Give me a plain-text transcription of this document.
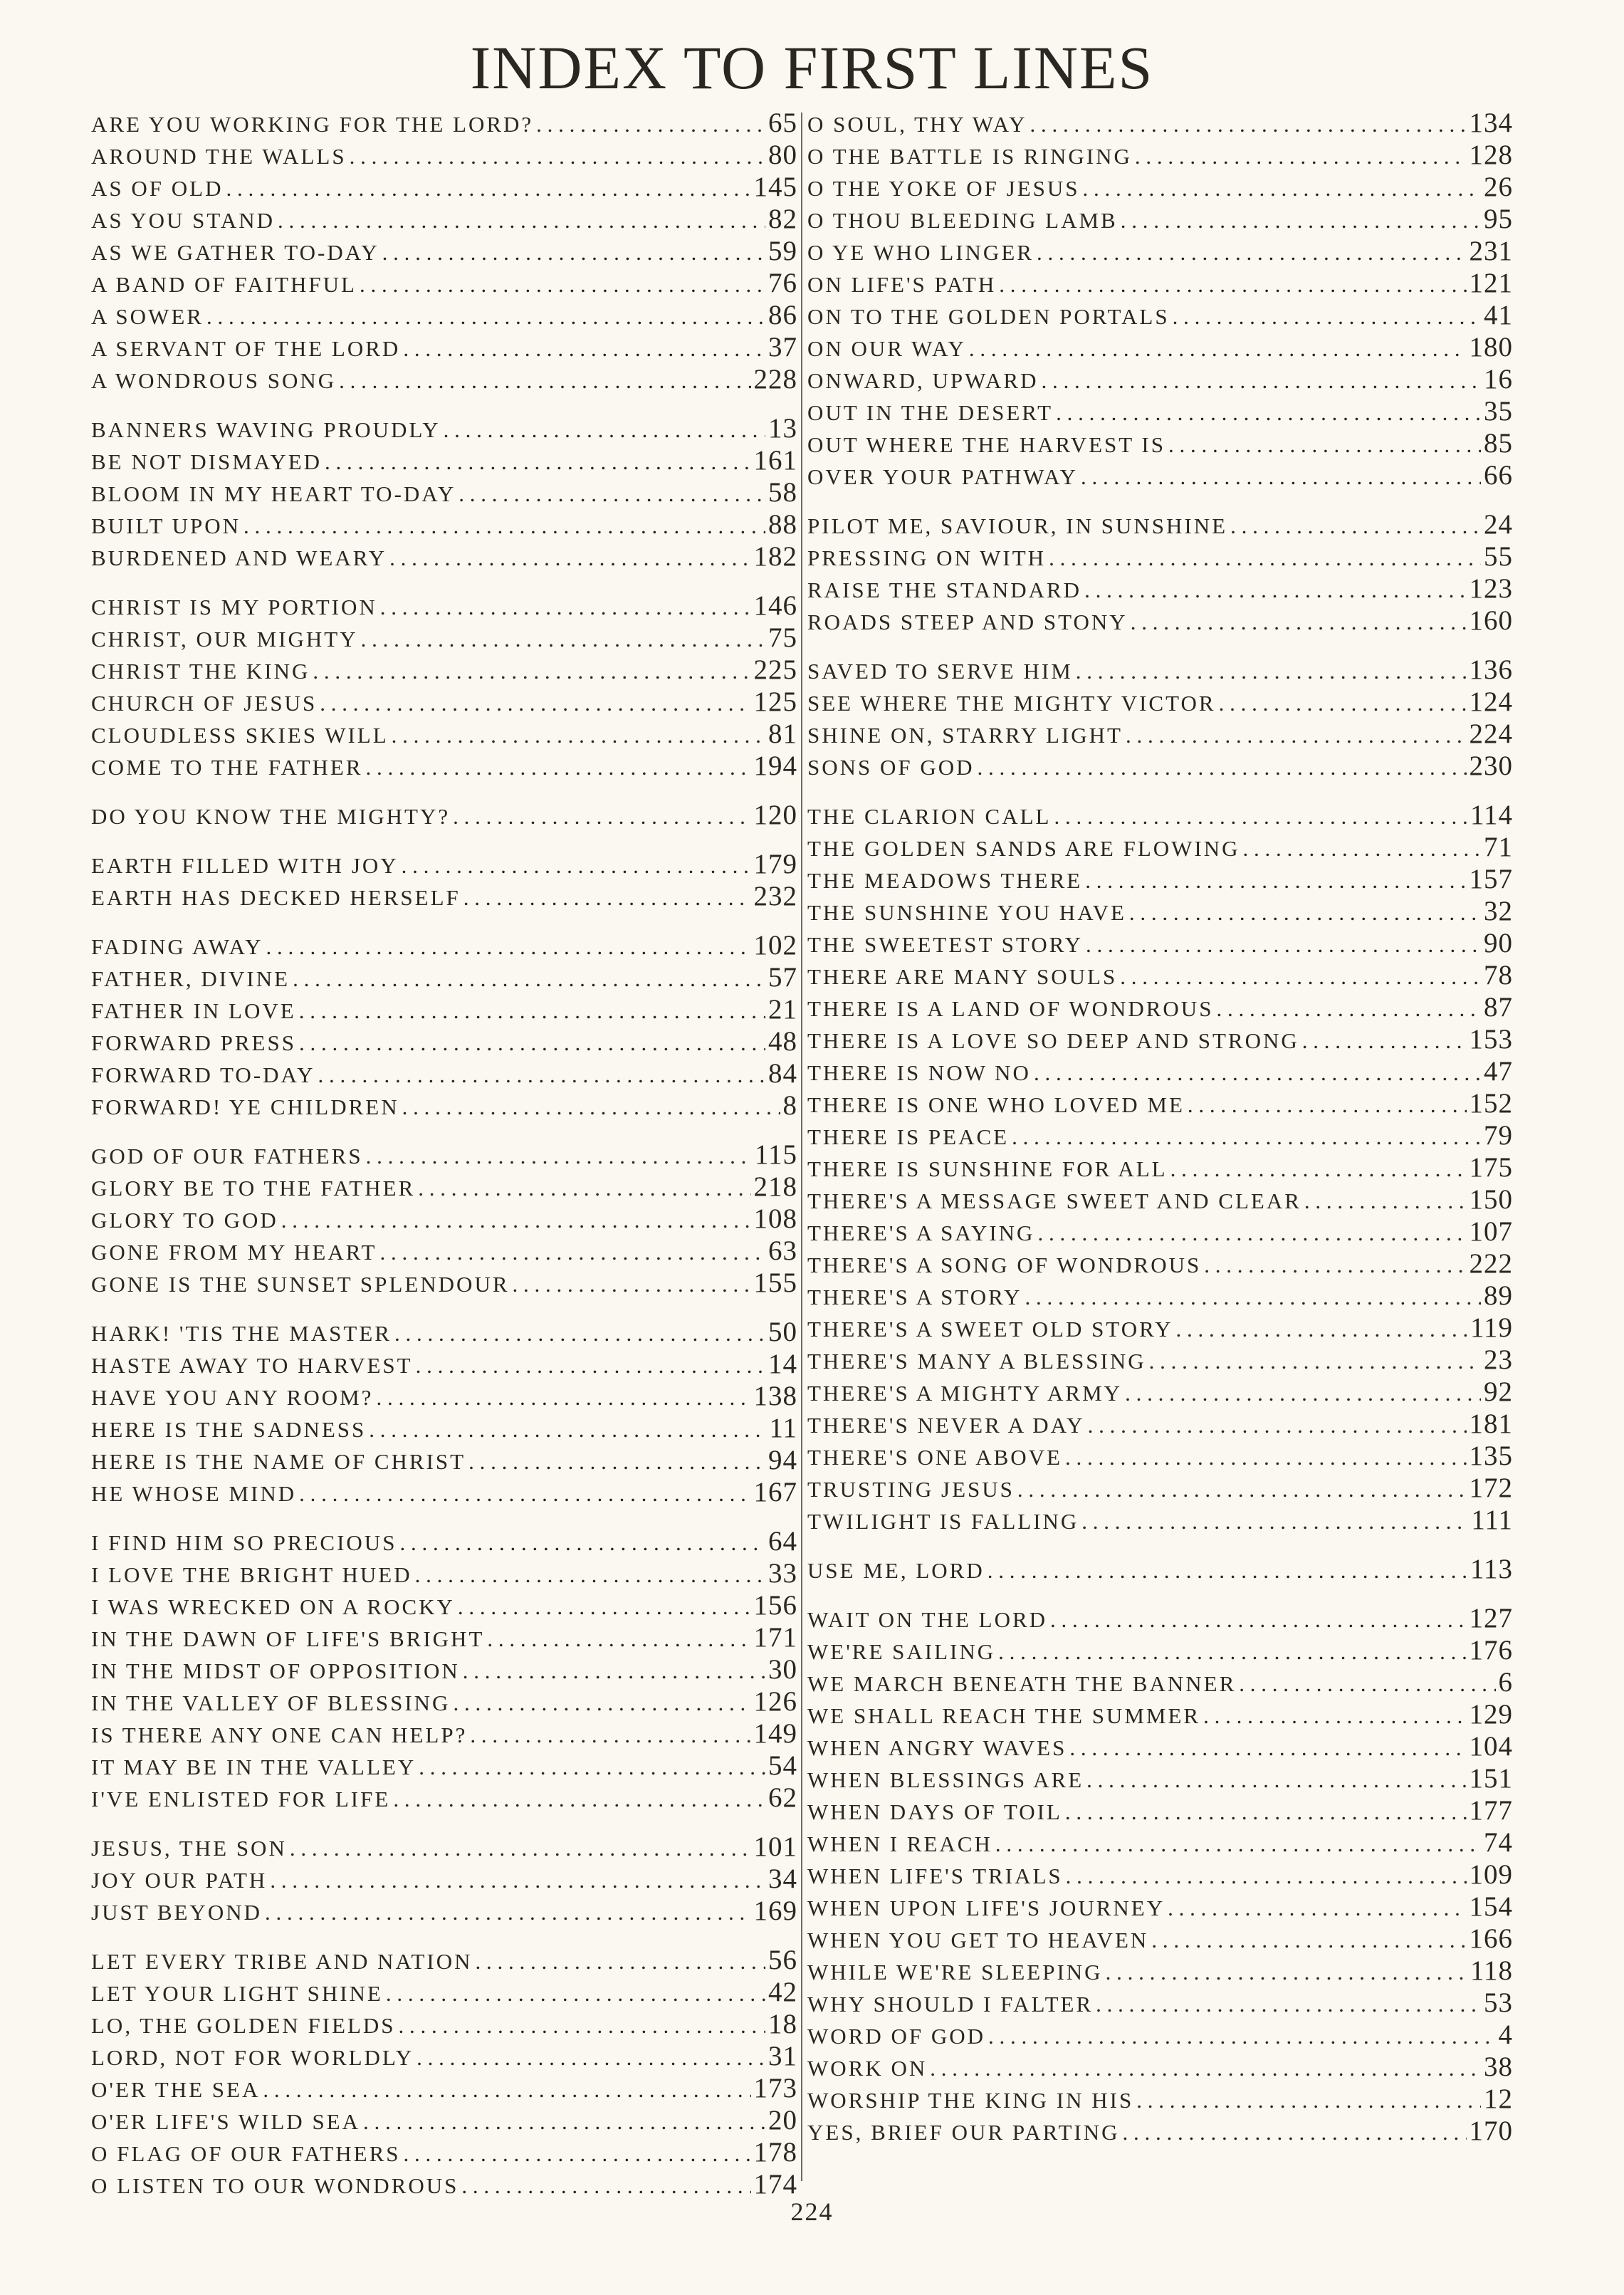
INDEX TO FIRST LINES
ARE YOU WORKING FOR THE LORD? . . .	65
AROUND THE WALLS . . .	80
AS OF OLD . . .	145
AS YOU STAND . . .	82
AS WE GATHER TO-DAY . . .	59
A BAND OF FAITHFUL . . .	76
A SOWER . . .	86
A SERVANT OF THE LORD . . .	37
A WONDROUS SONG . . .	228
BANNERS WAVING PROUDLY . . .	13
BE NOT DISMAYED . . .	161
BLOOM IN MY HEART TO-DAY . . .	58
BUILT UPON . . .	88
BURDENED AND WEARY . . .	182
CHRIST IS MY PORTION . . .	146
CHRIST, OUR MIGHTY . . .	75
CHRIST THE KING . . .	225
CHURCH OF JESUS . . .	125
CLOUDLESS SKIES WILL . . .	81
COME TO THE FATHER . . .	194
DO YOU KNOW THE MIGHTY? . . .	120
EARTH FILLED WITH JOY . . .	179
EARTH HAS DECKED HERSELF . . .	232
FADING AWAY . . .	102
FATHER, DIVINE . . .	57
FATHER IN LOVE . . .	21
FORWARD PRESS . . .	48
FORWARD TO-DAY . . .	84
FORWARD! YE CHILDREN . . .	8
GOD OF OUR FATHERS . . .	115
GLORY BE TO THE FATHER . . .	218
GLORY TO GOD . . .	108
GONE FROM MY HEART . . .	63
GONE IS THE SUNSET SPLENDOUR . . .	155
HARK! 'TIS THE MASTER . . .	50
HASTE AWAY TO HARVEST . . .	14
HAVE YOU ANY ROOM? . . .	138
HERE IS THE SADNESS . . .	11
HERE IS THE NAME OF CHRIST . . .	94
HE WHOSE MIND . . .	167
I FIND HIM SO PRECIOUS . . .	64
I LOVE THE BRIGHT HUED . . .	33
I WAS WRECKED ON A ROCKY . . .	156
IN THE DAWN OF LIFE'S BRIGHT . . .	171
IN THE MIDST OF OPPOSITION . . .	30
IN THE VALLEY OF BLESSING . . .	126
IS THERE ANY ONE CAN HELP? . . .	149
IT MAY BE IN THE VALLEY . . .	54
I'VE ENLISTED FOR LIFE . . .	62
JESUS, THE SON . . .	101
JOY OUR PATH . . .	34
JUST BEYOND . . .	169
LET EVERY TRIBE AND NATION . . .	56
LET YOUR LIGHT SHINE . . .	42
LO, THE GOLDEN FIELDS . . .	18
LORD, NOT FOR WORLDLY . . .	31
O'ER THE SEA . . .	173
O'ER LIFE'S WILD SEA . . .	20
O FLAG OF OUR FATHERS . . .	178
O LISTEN TO OUR WONDROUS . . .	174
O SOUL, THY WAY . . .	134
O THE BATTLE IS RINGING . . .	128
O THE YOKE OF JESUS . . .	26
O THOU BLEEDING LAMB . . .	95
O YE WHO LINGER . . .	231
ON LIFE'S PATH . . .	121
ON TO THE GOLDEN PORTALS . . .	41
ON OUR WAY . . .	180
ONWARD, UPWARD . . .	16
OUT IN THE DESERT . . .	35
OUT WHERE THE HARVEST IS . . .	85
OVER YOUR PATHWAY . . .	66
PILOT ME, SAVIOUR, IN SUNSHINE . . .	24
PRESSING ON WITH . . .	55
RAISE THE STANDARD . . .	123
ROADS STEEP AND STONY . . .	160
SAVED TO SERVE HIM . . .	136
SEE WHERE THE MIGHTY VICTOR . . .	124
SHINE ON, STARRY LIGHT . . .	224
SONS OF GOD . . .	230
THE CLARION CALL . . .	114
THE GOLDEN SANDS ARE FLOWING . . .	71
THE MEADOWS THERE . . .	157
THE SUNSHINE YOU HAVE . . .	32
THE SWEETEST STORY . . .	90
THERE ARE MANY SOULS . . .	78
THERE IS A LAND OF WONDROUS . . .	87
THERE IS A LOVE SO DEEP AND STRONG . . .	153
THERE IS NOW NO . . .	47
THERE IS ONE WHO LOVED ME . . .	152
THERE IS PEACE . . .	79
THERE IS SUNSHINE FOR ALL . . .	175
THERE'S A MESSAGE SWEET AND CLEAR . . .	150
THERE'S A SAYING . . .	107
THERE'S A SONG OF WONDROUS . . .	222
THERE'S A STORY . . .	89
THERE'S A SWEET OLD STORY . . .	119
THERE'S MANY A BLESSING . . .	23
THERE'S A MIGHTY ARMY . . .	92
THERE'S NEVER A DAY . . .	181
THERE'S ONE ABOVE . . .	135
TRUSTING JESUS . . .	172
TWILIGHT IS FALLING . . .	111
USE ME, LORD . . .	113
WAIT ON THE LORD . . .	127
WE'RE SAILING . . .	176
WE MARCH BENEATH THE BANNER . . .	6
WE SHALL REACH THE SUMMER . . .	129
WHEN ANGRY WAVES . . .	104
WHEN BLESSINGS ARE . . .	151
WHEN DAYS OF TOIL . . .	177
WHEN I REACH . . .	74
WHEN LIFE'S TRIALS . . .	109
WHEN UPON LIFE'S JOURNEY . . .	154
WHEN YOU GET TO HEAVEN . . .	166
WHILE WE'RE SLEEPING . . .	118
WHY SHOULD I FALTER . . .	53
WORD OF GOD . . .	4
WORK ON . . .	38
WORSHIP THE KING IN HIS . . .	12
YES, BRIEF OUR PARTING . . .	170
224
